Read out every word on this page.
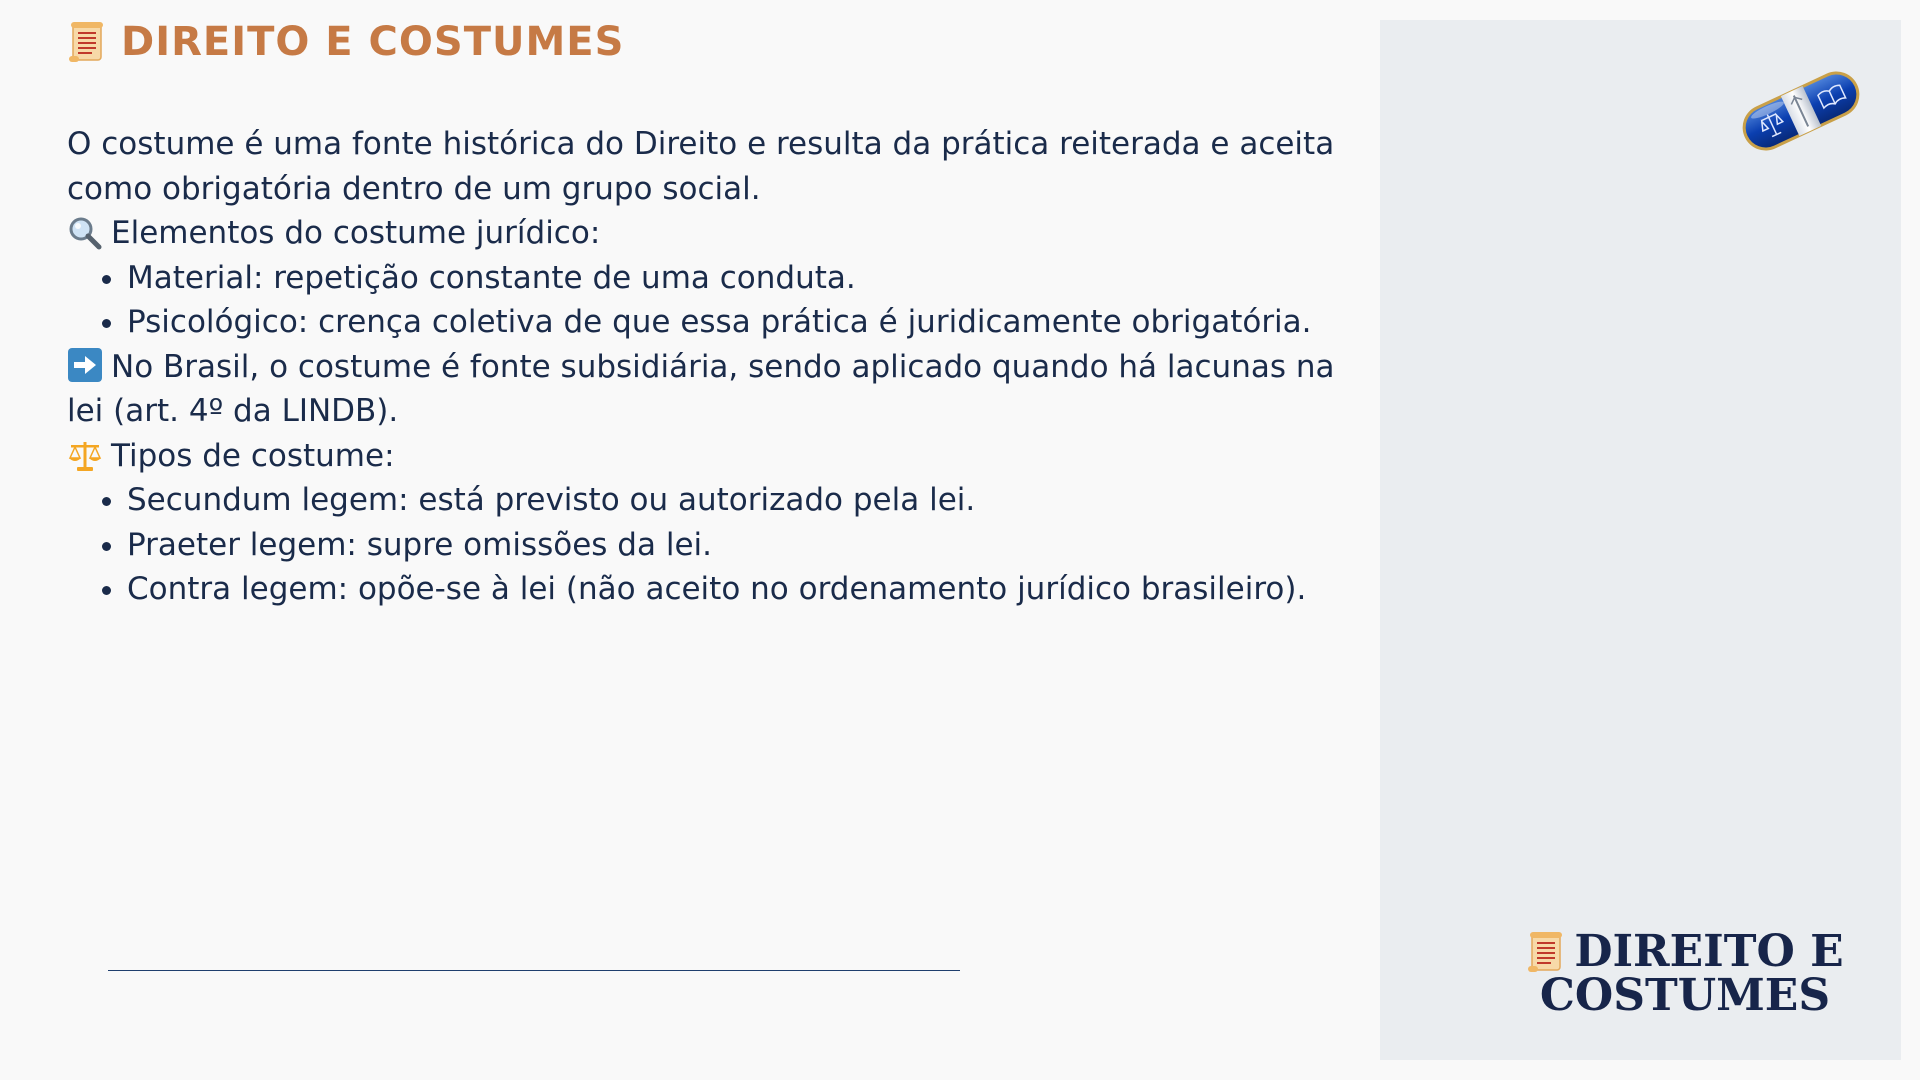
DIREITO E COSTUMES

O costume é uma fonte histórica do Direito e resulta da prática reiterada e aceita como obrigatória dentro de um grupo social.

Elementos do costume jurídico:

Material: repetição constante de uma conduta.
Psicológico: crença coletiva de que essa prática é juridicamente obrigatória.

No Brasil, o costume é fonte subsidiária, sendo aplicado quando há lacunas na lei (art. 4º da LINDB).

Tipos de costume:

Secundum legem: está previsto ou autorizado pela lei.
Praeter legem: supre omissões da lei.
Contra legem: opõe-se à lei (não aceito no ordenamento jurídico brasileiro).
DIREITO E
COSTUMES
